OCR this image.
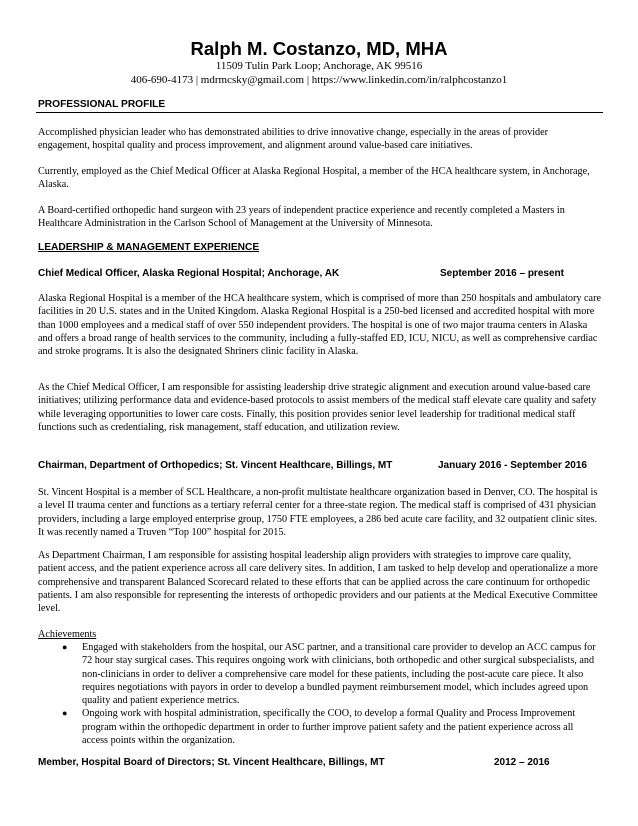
Ralph M. Costanzo, MD, MHA
11509 Tulin Park Loop; Anchorage, AK 99516
406-690-4173 | mdrmcsky@gmail.com | https://www.linkedin.com/in/ralphcostanzo1
PROFESSIONAL PROFILE
Accomplished physician leader who has demonstrated abilities to drive innovative change, especially in the areas of provider engagement, hospital quality and process improvement, and alignment around value-based care initiatives.
Currently, employed as the Chief Medical Officer at Alaska Regional Hospital, a member of the HCA healthcare system, in Anchorage, Alaska.
A Board-certified orthopedic hand surgeon with 23 years of independent practice experience and recently completed a Masters in Healthcare Administration in the Carlson School of Management at the University of Minnesota.
LEADERSHIP & MANAGEMENT EXPERIENCE
Chief Medical Officer, Alaska Regional Hospital; Anchorage, AK	September 2016 – present
Alaska Regional Hospital is a member of the HCA healthcare system, which is comprised of more than 250 hospitals and ambulatory care facilities in 20 U.S. states and in the United Kingdom. Alaska Regional Hospital is a 250-bed licensed and accredited hospital with more than 1000 employees and a medical staff of over 550 independent providers. The hospital is one of two major trauma centers in Alaska and offers a broad range of health services to the community, including a fully-staffed ED, ICU, NICU, as well as comprehensive cardiac and stroke programs. It is also the designated Shriners clinic facility in Alaska.
As the Chief Medical Officer, I am responsible for assisting leadership drive strategic alignment and execution around value-based care initiatives; utilizing performance data and evidence-based protocols to assist members of the medical staff elevate care quality and safety while leveraging opportunities to lower care costs. Finally, this position provides senior level leadership for traditional medical staff functions such as credentialing, risk management, staff education, and utilization review.
Chairman, Department of Orthopedics; St. Vincent Healthcare, Billings, MT	January 2016 - September 2016
St. Vincent Hospital is a member of SCL Healthcare, a non-profit multistate healthcare organization based in Denver, CO. The hospital is a level II trauma center and functions as a tertiary referral center for a three-state region. The medical staff is comprised of 431 physician providers, including a large employed enterprise group, 1750 FTE employees, a 286 bed acute care facility, and 32 outpatient clinic sites. It was recently named a Truven “Top 100” hospital for 2015.
As Department Chairman, I am responsible for assisting hospital leadership align providers with strategies to improve care quality, patient access, and the patient experience across all care delivery sites. In addition, I am tasked to help develop and operationalize a more comprehensive and transparent Balanced Scorecard related to these efforts that can be applied across the care continuum for orthopedic patients. I am also responsible for representing the interests of orthopedic providers and our patients at the Medical Executive Committee level.
Achievements
● Engaged with stakeholders from the hospital, our ASC partner, and a transitional care provider to develop an ACC campus for 72 hour stay surgical cases. This requires ongoing work with clinicians, both orthopedic and other surgical subspecialists, and non-clinicians in order to deliver a comprehensive care model for these patients, including the post-acute care piece. It also requires negotiations with payors in order to develop a bundled payment reimbursement model, which includes agreed upon quality and patient experience metrics.
● Ongoing work with hospital administration, specifically the COO, to develop a formal Quality and Process Improvement program within the orthopedic department in order to further improve patient safety and the patient experience across all access points within the organization.
Member, Hospital Board of Directors; St. Vincent Healthcare, Billings, MT	2012 – 2016
